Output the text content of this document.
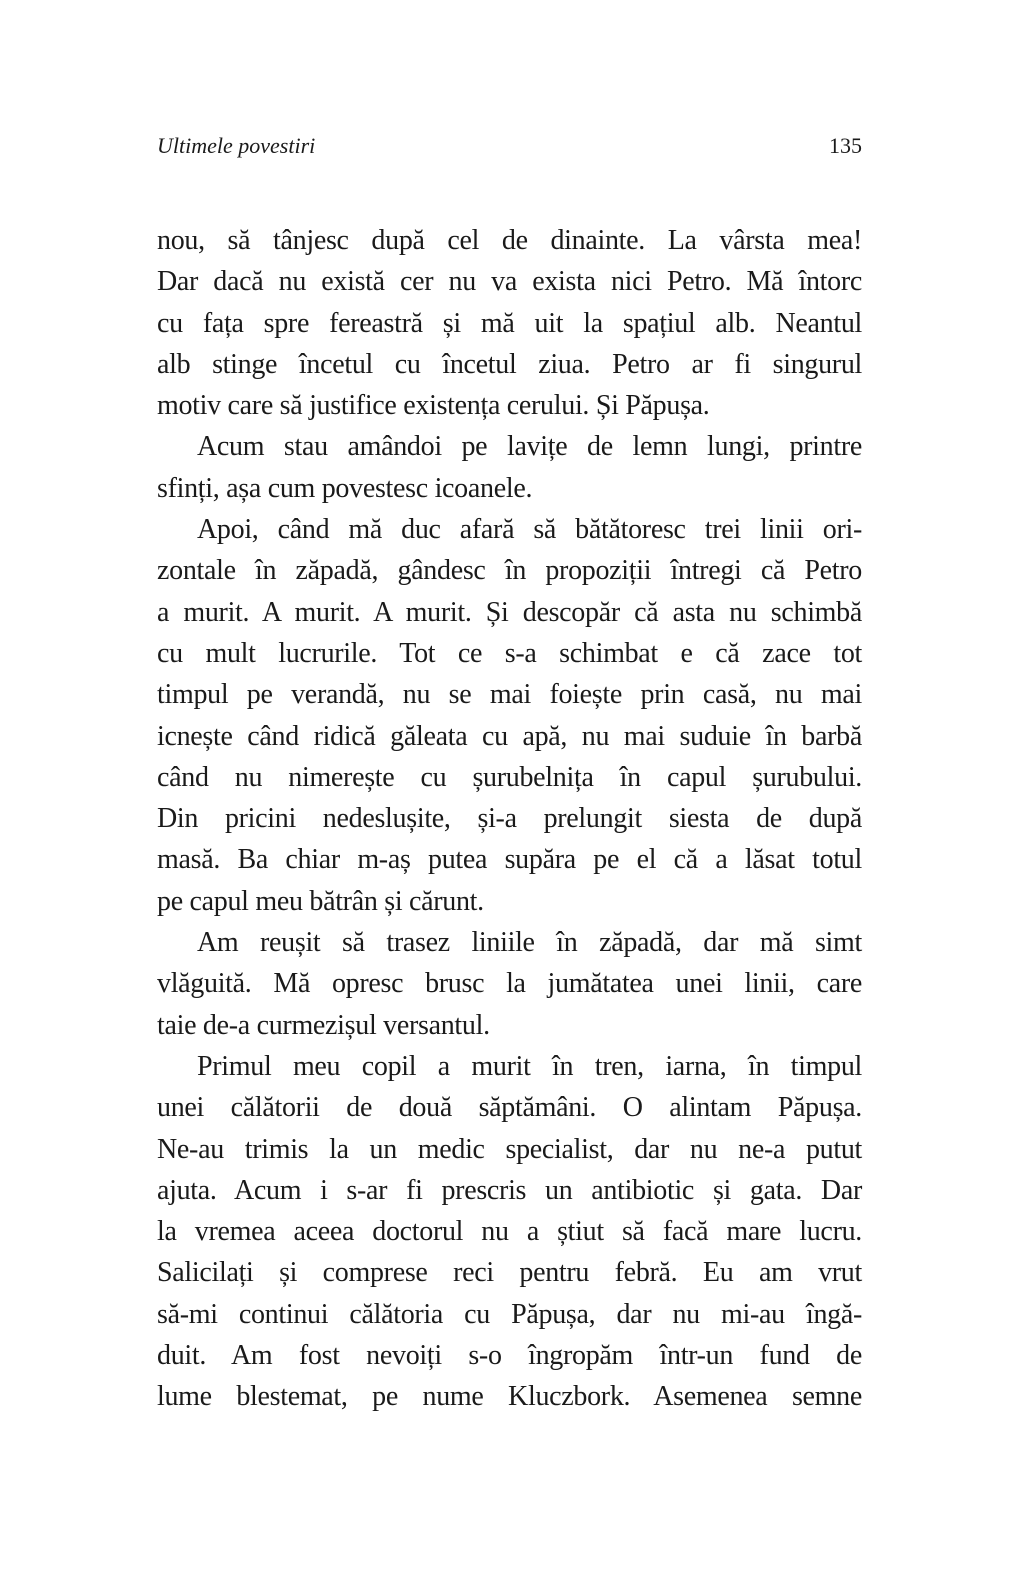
Ultimele povestiri	135
nou, să tânjesc după cel de dinainte. La vârsta mea!
Dar dacă nu există cer nu va exista nici Petro. Mă întorc
cu fața spre fereastră și mă uit la spațiul alb. Neantul
alb stinge încetul cu încetul ziua. Petro ar fi singurul
motiv care să justifice existența cerului. Și Păpușa.
Acum stau amândoi pe lavițe de lemn lungi, printre
sfinți, așa cum povestesc icoanele.
Apoi, când mă duc afară să bătătoresc trei linii ori-
zontale în zăpadă, gândesc în propoziții întregi că Petro
a murit. A murit. A murit. Și descopăr că asta nu schimbă
cu mult lucrurile. Tot ce s-a schimbat e că zace tot
timpul pe verandă, nu se mai foiește prin casă, nu mai
icnește când ridică găleata cu apă, nu mai suduie în barbă
când nu nimerește cu șurubelnița în capul șurubului.
Din pricini nedeslușite, și-a prelungit siesta de după
masă. Ba chiar m-aș putea supăra pe el că a lăsat totul
pe capul meu bătrân și cărunt.
Am reușit să trasez liniile în zăpadă, dar mă simt
vlăguită. Mă opresc brusc la jumătatea unei linii, care
taie de-a curmezișul versantul.
Primul meu copil a murit în tren, iarna, în timpul
unei călătorii de două săptămâni. O alintam Păpușa.
Ne-au trimis la un medic specialist, dar nu ne-a putut
ajuta. Acum i s-ar fi prescris un antibiotic și gata. Dar
la vremea aceea doctorul nu a știut să facă mare lucru.
Salicilați și comprese reci pentru febră. Eu am vrut
să-mi continui călătoria cu Păpușa, dar nu mi-au îngă-
duit. Am fost nevoiți s-o îngropăm într-un fund de
lume blestemat, pe nume Kluczbork. Asemenea semne
